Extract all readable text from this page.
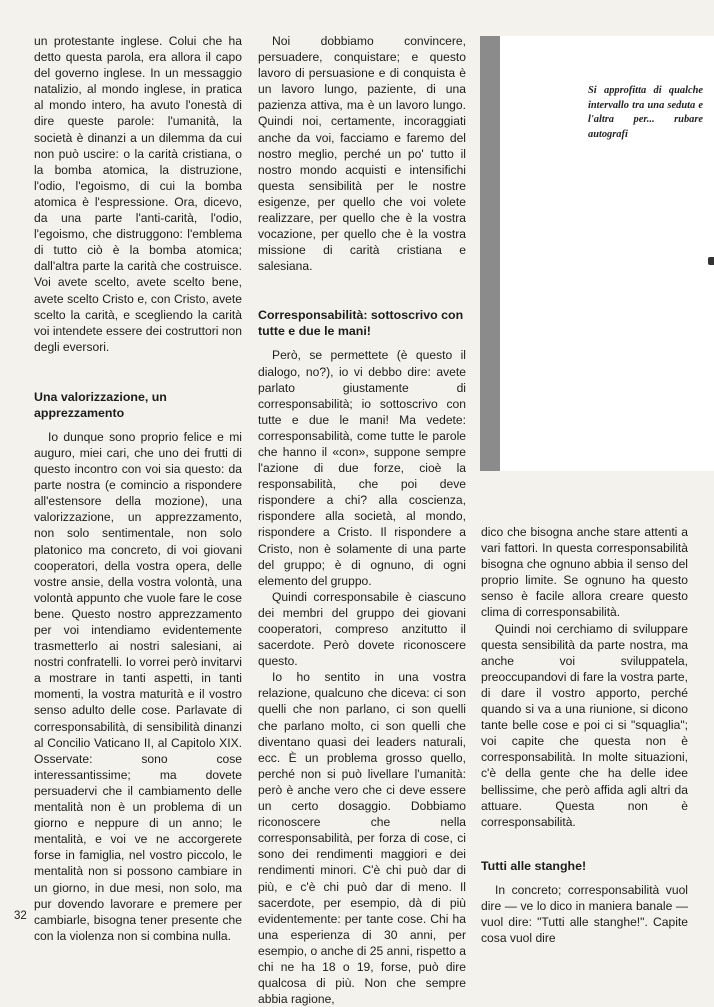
un protestante inglese. Colui che ha detto questa parola, era allora il capo del governo inglese. In un messaggio natalizio, al mondo inglese, in pratica al mondo intero, ha avuto l'onestà di dire queste parole: l'umanità, la società è dinanzi a un dilemma da cui non può uscire: o la carità cristiana, o la bomba atomica, la distruzione, l'odio, l'egoismo, di cui la bomba atomica è l'espressione. Ora, dicevo, da una parte l'anti-carità, l'odio, l'egoismo, che distruggono: l'emblema di tutto ciò è la bomba atomica; dall'altra parte la carità che costruisce. Voi avete scelto, avete scelto bene, avete scelto Cristo e, con Cristo, avete scelto la carità, e scegliendo la carità voi intendete essere dei costruttori non degli eversori.

Una valorizzazione, un apprezzamento

Io dunque sono proprio felice e mi auguro, miei cari, che uno dei frutti di questo incontro con voi sia questo: da parte nostra (e comincio a rispondere all'estensore della mozione), una valorizzazione, un apprezzamento, non solo sentimentale, non solo platonico ma concreto, di voi giovani cooperatori, della vostra opera, delle vostre ansie, della vostra volontà, una volontà appunto che vuole fare le cose bene. Questo nostro apprezzamento per voi intendiamo evidentemente trasmetterlo ai nostri salesiani, ai nostri confratelli. Io vorrei però invitarvi a mostrare in tanti aspetti, in tanti momenti, la vostra maturità e il vostro senso adulto delle cose. Parlavate di corresponsabilità, di sensibilità dinanzi al Concilio Vaticano II, al Capitolo XIX. Osservate: sono cose interessantissime; ma dovete persuadervi che il cambiamento delle mentalità non è un problema di un giorno e neppure di un anno; le mentalità, e voi ve ne accorgerete forse in famiglia, nel vostro piccolo, le mentalità non si possono cambiare in un giorno, in due mesi, non solo, ma pur dovendo lavorare e premere per cambiarle, bisogna tener presente che con la violenza non si combina nulla.

Noi dobbiamo convincere, persuadere, conquistare; e questo lavoro di persuasione e di conquista è un lavoro lungo, paziente, di una pazienza attiva, ma è un lavoro lungo. Quindi noi, certamente, incoraggiati anche da voi, facciamo e faremo del nostro meglio, perché un po' tutto il nostro mondo acquisti e intensifichi questa sensibilità per le nostre esigenze, per quello che voi volete realizzare, per quello che è la vostra vocazione, per quello che è la vostra missione di carità cristiana e salesiana.

Corresponsabilità: sottoscrivo con tutte e due le mani!

Però, se permettete (è questo il dialogo, no?), io vi debbo dire: avete parlato giustamente di corresponsabilità; io sottoscrivo con tutte e due le mani! Ma vedete: corresponsabilità, come tutte le parole che hanno il «con», suppone sempre l'azione di due forze, cioè la responsabilità, che poi deve rispondere a chi? alla coscienza, rispondere alla società, al mondo, rispondere a Cristo. Il rispondere a Cristo, non è solamente di una parte del gruppo; è di ognuno, di ogni elemento del gruppo.

Quindi corresponsabile è ciascuno dei membri del gruppo dei giovani cooperatori, compreso anzitutto il sacerdote. Però dovete riconoscere questo.

Io ho sentito in una vostra relazione, qualcuno che diceva: ci son quelli che non parlano, ci son quelli che parlano molto, ci son quelli che diventano quasi dei leaders naturali, ecc. È un problema grosso quello, perché non si può livellare l'umanità: però è anche vero che ci deve essere un certo dosaggio. Dobbiamo riconoscere che nella corresponsabilità, per forza di cose, ci sono dei rendimenti maggiori e dei rendimenti minori. C'è chi può dar di più, e c'è chi può dar di meno. Il sacerdote, per esempio, dà di più evidentemente: per tante cose. Chi ha una esperienza di 30 anni, per esempio, o anche di 25 anni, rispetto a chi ne ha 18 o 19, forse, può dire qualcosa di più. Non che sempre abbia ragione,

Si approfitta di qualche intervallo tra una seduta e l'altra per... rubare autografi

dico che bisogna anche stare attenti a vari fattori. In questa corresponsabilità bisogna che ognuno abbia il senso del proprio limite. Se ognuno ha questo senso è facile allora creare questo clima di corresponsabilità.

Quindi noi cerchiamo di sviluppare questa sensibilità da parte nostra, ma anche voi sviluppatela, preoccupandovi di fare la vostra parte, di dare il vostro apporto, perché quando si va a una riunione, si dicono tante belle cose e poi ci si "squaglia"; voi capite che questa non è corresponsabilità. In molte situazioni, c'è della gente che ha delle idee bellissime, che però affida agli altri da attuare. Questa non è corresponsabilità.

Tutti alle stanghe!

In concreto; corresponsabilità vuol dire — ve lo dico in maniera banale — vuol dire: "Tutti alle stanghe!". Capite cosa vuol dire

32
